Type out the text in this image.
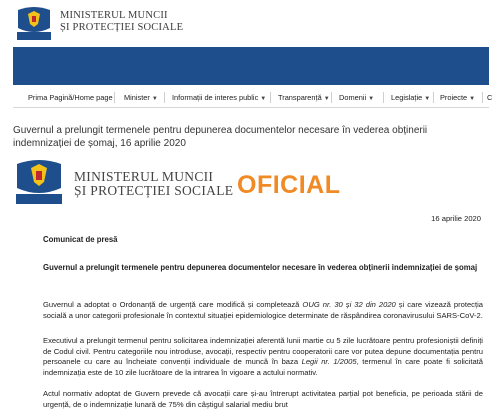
MINISTERUL MUNCII
ȘI PROTECȚIEI SOCIALE
Prima Pagină/Home page Minister ▼ Informații de interes public ▼ Transparență ▼ Domenii ▼ Legislație ▼ Proiecte ▼ C
Guvernul a prelungit termenele pentru depunerea documentelor necesare în vederea obținerii indemnizației de șomaj, 16 aprilie 2020
MINISTERUL MUNCII
ȘI PROTECȚIEI SOCIALE OFICIAL
16 aprilie 2020
Comunicat de presă
Guvernul a prelungit termenele pentru depunerea documentelor necesare în vederea obținerii indemnizației de șomaj
Guvernul a adoptat o Ordonanță de urgență care modifică și completează OUG nr. 30 și 32 din 2020 și care vizează protecția socială a unor categorii profesionale în contextul situației epidemiologice determinate de răspândirea coronavirusului SARS-CoV-2.
Executivul a prelungit termenul pentru solicitarea indemnizației aferentă lunii martie cu 5 zile lucrătoare pentru profesioniștii definiți de Codul civil. Pentru categoriile nou introduse, avocații, respectiv pentru cooperatorii care vor putea depune documentația pentru persoanele cu care au încheiate convenții individuale de muncă în baza Legii nr. 1/2005, termenul în care poate fi solicitată indemnizația este de 10 zile lucrătoare de la intrarea în vigoare a actului normativ.
Actul normativ adoptat de Guvern prevede că avocații care și-au întrerupt activitatea parțial pot beneficia, pe perioada stării de urgență, de o indemnizație lunară de 75% din câștigul salarial mediu brut
